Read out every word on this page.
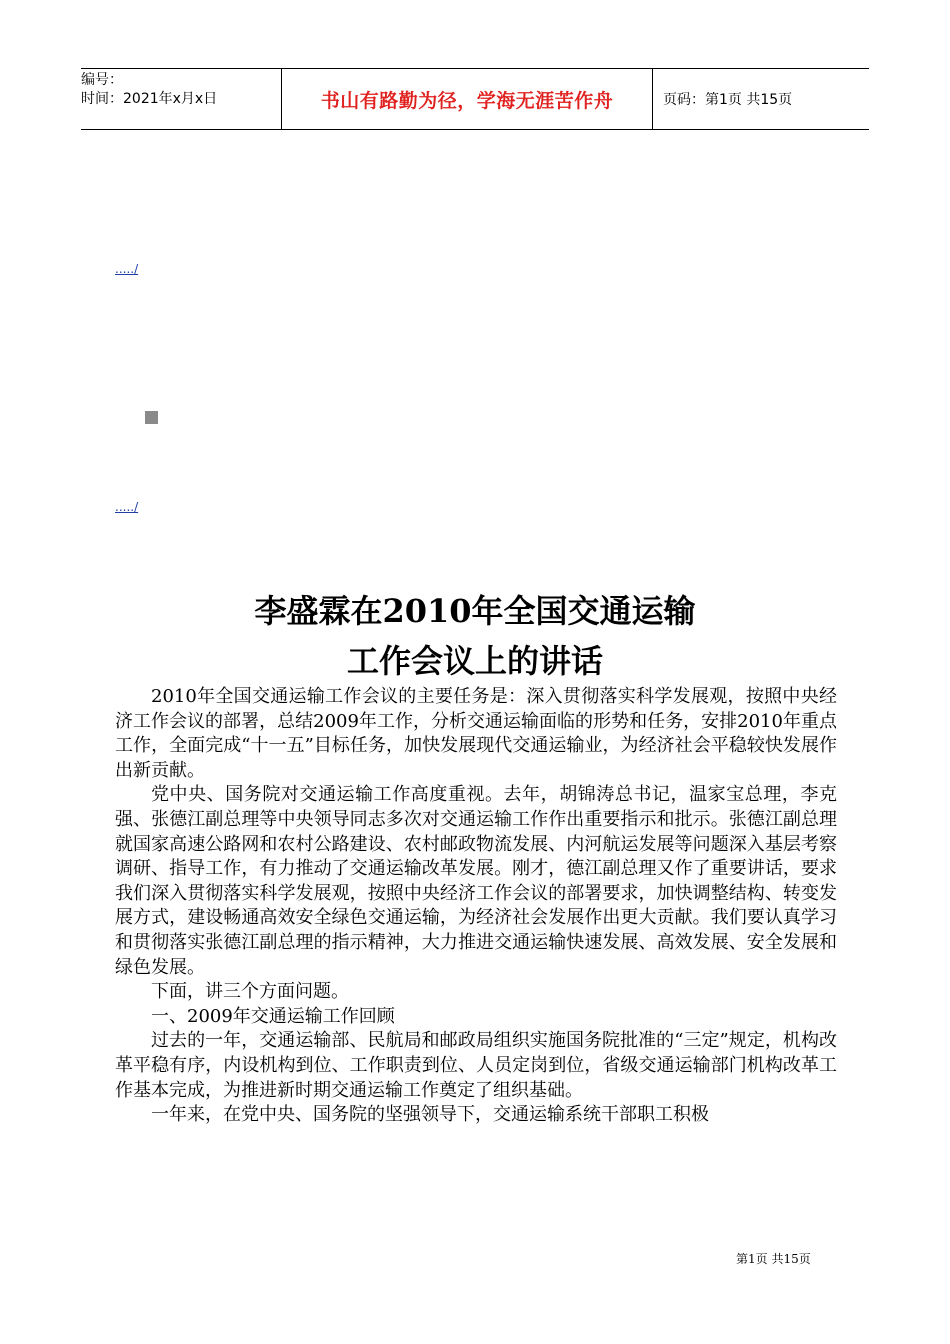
编号：
时间：2021年x月x日	书山有路勤为径，学海无涯苦作舟	页码：第1页 共15页
...../
...../
李盛霖在2010年全国交通运输
工作会议上的讲话

2010年全国交通运输工作会议的主要任务是：深入贯彻落实科学发展观，按照中央经济工作会议的部署，总结2009年工作，分析交通运输面临的形势和任务，安排2010年重点工作，全面完成“十一五”目标任务，加快发展现代交通运输业，为经济社会平稳较快发展作出新贡献。

党中央、国务院对交通运输工作高度重视。去年，胡锦涛总书记，温家宝总理，李克强、张德江副总理等中央领导同志多次对交通运输工作作出重要指示和批示。张德江副总理就国家高速公路网和农村公路建设、农村邮政物流发展、内河航运发展等问题深入基层考察调研、指导工作，有力推动了交通运输改革发展。刚才，德江副总理又作了重要讲话，要求我们深入贯彻落实科学发展观，按照中央经济工作会议的部署要求，加快调整结构、转变发展方式，建设畅通高效安全绿色交通运输，为经济社会发展作出更大贡献。我们要认真学习和贯彻落实张德江副总理的指示精神，大力推进交通运输快速发展、高效发展、安全发展和绿色发展。

下面，讲三个方面问题。

一、2009年交通运输工作回顾

过去的一年，交通运输部、民航局和邮政局组织实施国务院批准的“三定”规定，机构改革平稳有序，内设机构到位、工作职责到位、人员定岗到位，省级交通运输部门机构改革工作基本完成，为推进新时期交通运输工作奠定了组织基础。

一年来，在党中央、国务院的坚强领导下，交通运输系统干部职工积极

第1页 共15页
